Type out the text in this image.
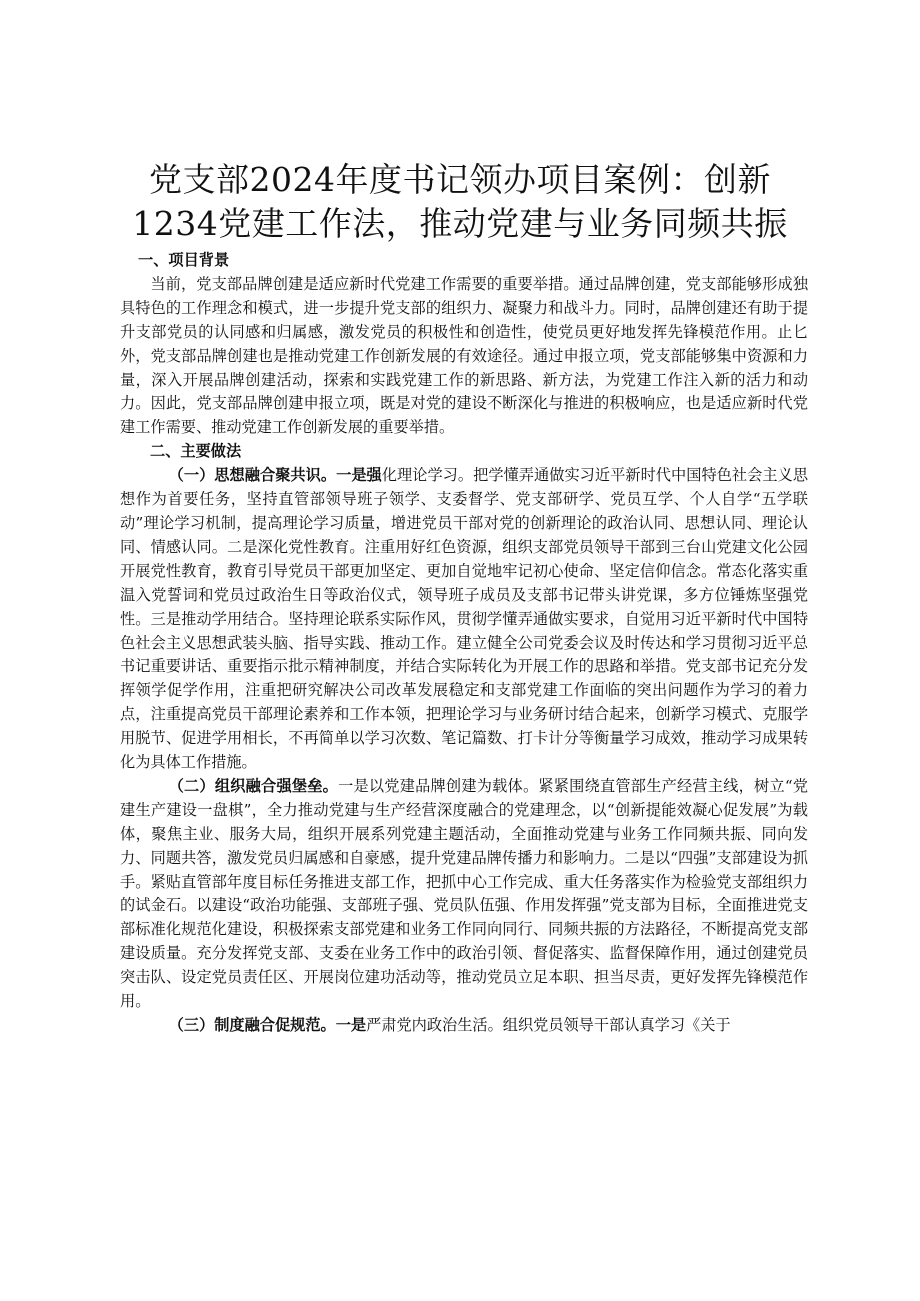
党支部2024年度书记领办项目案例：创新
1234党建工作法，推动党建与业务同频共振

一、项目背景

当前，党支部品牌创建是适应新时代党建工作需要的重要举措。通过品牌创建，党支部能够形成独具特色的工作理念和模式，进一步提升党支部的组织力、凝聚力和战斗力。同时，品牌创建还有助于提升支部党员的认同感和归属感，激发党员的积极性和创造性，使党员更好地发挥先锋模范作用。止匕外，党支部品牌创建也是推动党建工作创新发展的有效途径。通过申报立项，党支部能够集中资源和力量，深入开展品牌创建活动，探索和实践党建工作的新思路、新方法，为党建工作注入新的活力和动力。因此，党支部品牌创建申报立项，既是对党的建设不断深化与推进的积极响应，也是适应新时代党建工作需要、推动党建工作创新发展的重要举措。

二、主要做法

（一）思想融合聚共识。一是强化理论学习。把学懂弄通做实习近平新时代中国特色社会主义思想作为首要任务，坚持直管部领导班子领学、支委督学、党支部研学、党员互学、个人自学“五学联动”理论学习机制，提高理论学习质量，增进党员干部对党的创新理论的政治认同、思想认同、理论认同、情感认同。二是深化党性教育。注重用好红色资源，组织支部党员领导干部到三台山党建文化公园开展党性教育，教育引导党员干部更加坚定、更加自觉地牢记初心使命、坚定信仰信念。常态化落实重温入党誓词和党员过政治生日等政治仪式，领导班子成员及支部书记带头讲党课，多方位锤炼坚强党性。三是推动学用结合。坚持理论联系实际作风，贯彻学懂弄通做实要求，自觉用习近平新时代中国特色社会主义思想武装头脑、指导实践、推动工作。建立健全公司党委会议及时传达和学习贯彻习近平总书记重要讲话、重要指示批示精神制度，并结合实际转化为开展工作的思路和举措。党支部书记充分发挥领学促学作用，注重把研究解决公司改革发展稳定和支部党建工作面临的突出问题作为学习的着力点，注重提高党员干部理论素养和工作本领，把理论学习与业务研讨结合起来，创新学习模式、克服学用脱节、促进学用相长，不再简单以学习次数、笔记篇数、打卡计分等衡量学习成效，推动学习成果转化为具体工作措施。

（二）组织融合强堡垒。一是以党建品牌创建为载体。紧紧围绕直管部生产经营主线，树立“党建生产建设一盘棋”，全力推动党建与生产经营深度融合的党建理念，以“创新提能效凝心促发展”为载体，聚焦主业、服务大局，组织开展系列党建主题活动，全面推动党建与业务工作同频共振、同向发力、同题共答，激发党员归属感和自豪感，提升党建品牌传播力和影响力。二是以“四强”支部建设为抓手。紧贴直管部年度目标任务推进支部工作，把抓中心工作完成、重大任务落实作为检验党支部组织力的试金石。以建设“政治功能强、支部班子强、党员队伍强、作用发挥强”党支部为目标，全面推进党支部标准化规范化建设，积极探索支部党建和业务工作同向同行、同频共振的方法路径，不断提高党支部建设质量。充分发挥党支部、支委在业务工作中的政治引领、督促落实、监督保障作用，通过创建党员突击队、设定党员责任区、开展岗位建功活动等，推动党员立足本职、担当尽责，更好发挥先锋模范作用。

（三）制度融合促规范。一是严肃党内政治生活。组织党员领导干部认真学习《关于
